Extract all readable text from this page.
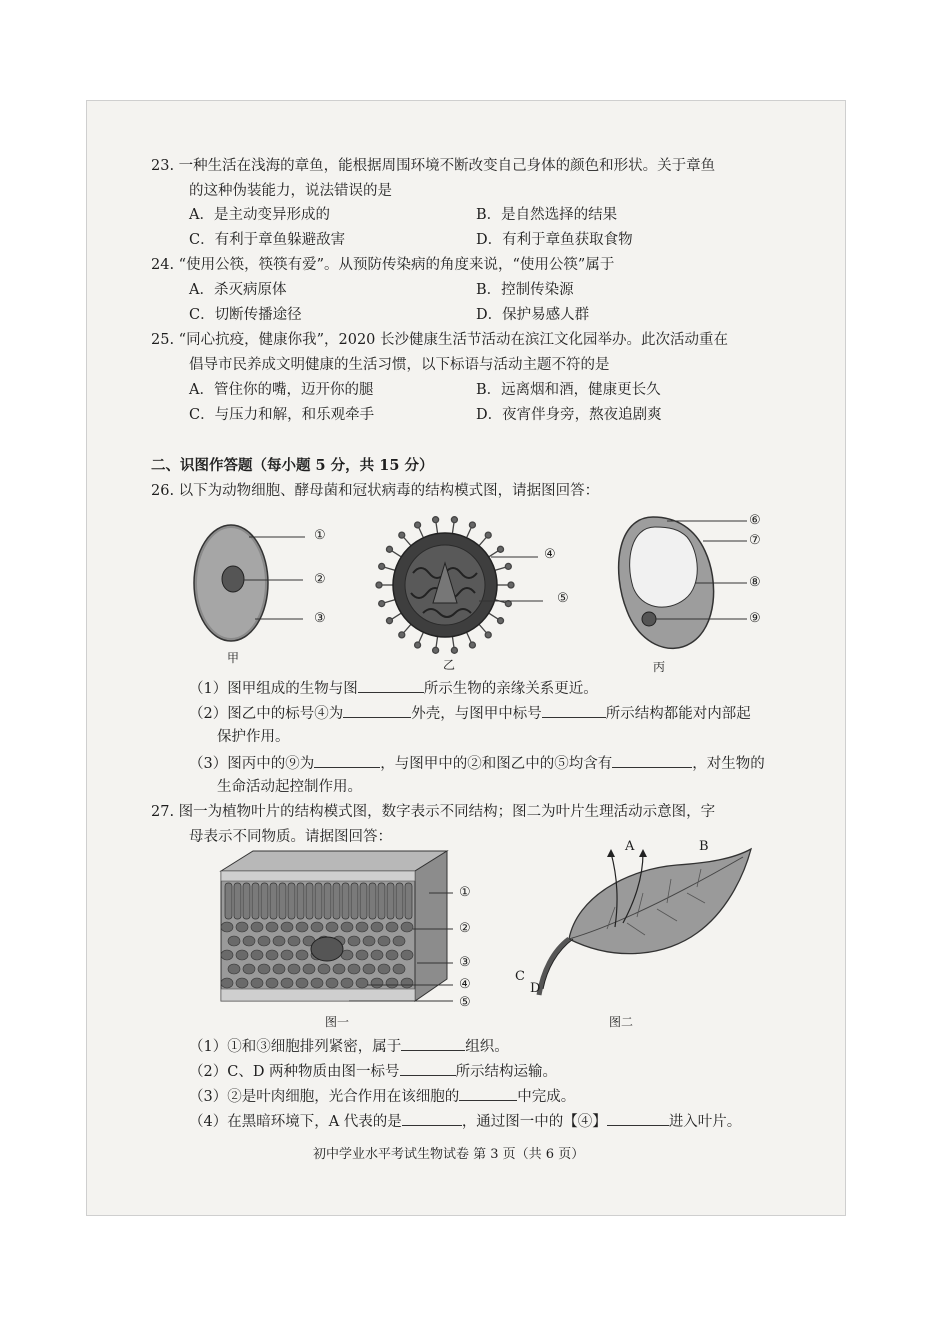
23. 一种生活在浅海的章鱼，能根据周围环境不断改变自己身体的颜色和形状。关于章鱼
的这种伪装能力，说法错误的是
A．是主动变异形成的	B．是自然选择的结果
C．有利于章鱼躲避敌害	D．有利于章鱼获取食物
24. “使用公筷，筷筷有爱”。从预防传染病的角度来说，“使用公筷”属于
A．杀灭病原体	B．控制传染源
C．切断传播途径	D．保护易感人群
25. “同心抗疫，健康你我”，2020 长沙健康生活节活动在滨江文化园举办。此次活动重在
倡导市民养成文明健康的生活习惯，以下标语与活动主题不符的是
A．管住你的嘴，迈开你的腿	B．远离烟和酒，健康更长久
C．与压力和解，和乐观牵手	D．夜宵伴身旁，熬夜追剧爽
二、识图作答题（每小题 5 分，共 15 分）
26. 以下为动物细胞、酵母菌和冠状病毒的结构模式图，请据图回答：
①
②
③
甲
④
⑤
乙
⑥
⑦
⑧
⑨
丙
（1）图甲组成的生物与图	所示生物的亲缘关系更近。
（2）图乙中的标号④为	外壳，与图甲中标号	所示结构都能对内部起
保护作用。
（3）图丙中的⑨为	，与图甲中的②和图乙中的⑤均含有	，对生物的
生命活动起控制作用。
27. 图一为植物叶片的结构模式图，数字表示不同结构；图二为叶片生理活动示意图，字
母表示不同物质。请据图回答：
①
②
③
④
⑤
图一
A	B
C
D
图二
（1）①和③细胞排列紧密，属于	组织。
（2）C、D 两种物质由图一标号	所示结构运输。
（3）②是叶肉细胞，光合作用在该细胞的	中完成。
（4）在黑暗环境下，A 代表的是	，通过图一中的【④】	进入叶片。
初中学业水平考试生物试卷 第 3 页（共 6 页）
